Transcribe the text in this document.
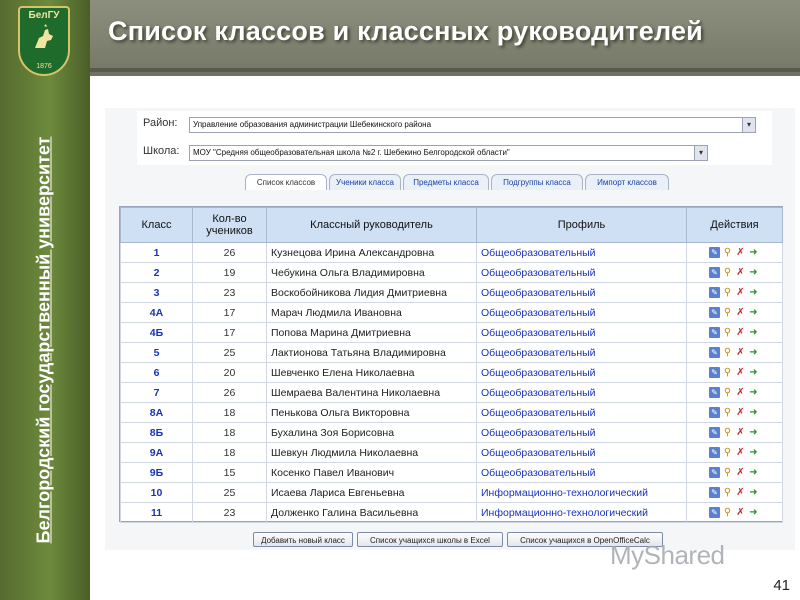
БелГУ
1876
Белгородский государственный университет
Список классов и классных руководителей
Район:	Управление образования администрации Шебекинского района	▾
Школа:	МОУ "Средняя общеобразовательная школа №2 г. Шебекино Белгородской области"	▾
Список классов	Ученики класса	Предметы класса	Подгруппы класса	Импорт классов
Класс	Кол-во учеников	Классный руководитель	Профиль	Действия
1	26	Кузнецова Ирина Александровна	Общеобразовательный	✎ ⚲ ✗ ➜
2	19	Чебукина Ольга Владимировна	Общеобразовательный	✎ ⚲ ✗ ➜
3	23	Воскобойникова Лидия Дмитриевна	Общеобразовательный	✎ ⚲ ✗ ➜
4А	17	Марач Людмила Ивановна	Общеобразовательный	✎ ⚲ ✗ ➜
4Б	17	Попова Марина Дмитриевна	Общеобразовательный	✎ ⚲ ✗ ➜
5	25	Лактионова Татьяна Владимировна	Общеобразовательный	✎ ⚲ ✗ ➜
6	20	Шевченко Елена Николаевна	Общеобразовательный	✎ ⚲ ✗ ➜
7	26	Шемраева Валентина Николаевна	Общеобразовательный	✎ ⚲ ✗ ➜
8А	18	Пенькова Ольга Викторовна	Общеобразовательный	✎ ⚲ ✗ ➜
8Б	18	Бухалина Зоя Борисовна	Общеобразовательный	✎ ⚲ ✗ ➜
9А	18	Шевкун Людмила Николаевна	Общеобразовательный	✎ ⚲ ✗ ➜
9Б	15	Косенко Павел Иванович	Общеобразовательный	✎ ⚲ ✗ ➜
10	25	Исаева Лариса Евгеньевна	Информационно-технологический	✎ ⚲ ✗ ➜
11	23	Долженко Галина Васильевна	Информационно-технологический	✎ ⚲ ✗ ➜
Добавить новый класс	Список учащихся школы в Excel	Список учащихся в OpenOfficeCalc
MyShared
41
